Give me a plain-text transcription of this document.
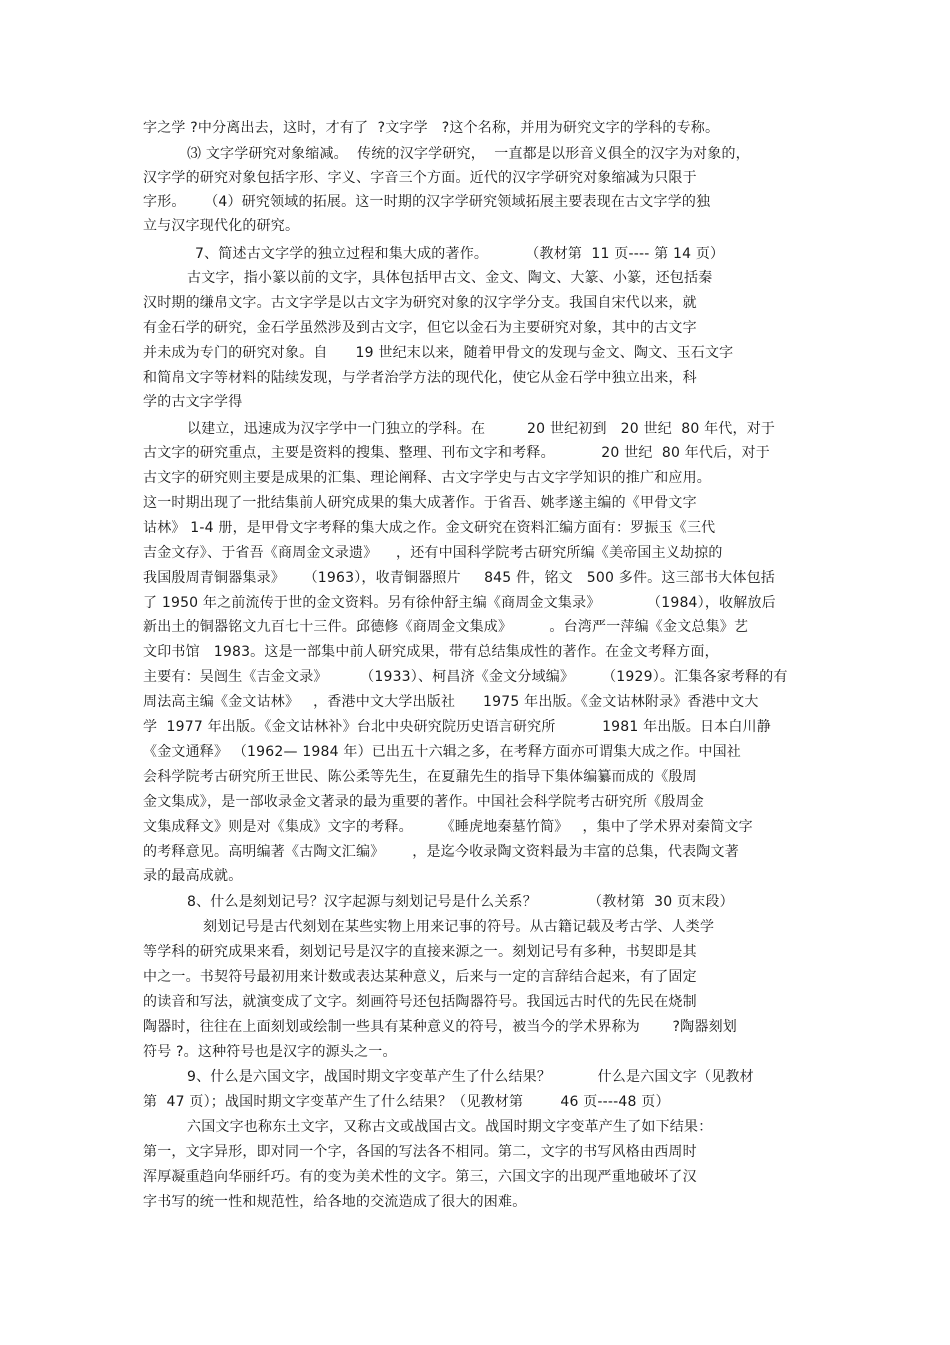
字之学 ?中分离出去，这时，才有了  ?文字学   ?这个名称，并用为研究文字的学科的专称。
⑶ 文字学研究对象缩减。  传统的汉字学研究，  一直都是以形音义俱全的汉字为对象的，
汉字学的研究对象包括字形、字义、字音三个方面。近代的汉字学研究对象缩减为只限于
字形。    （4）研究领域的拓展。这一时期的汉字学研究领域拓展主要表现在古文字学的独
立与汉字现代化的研究。
7、简述古文字学的独立过程和集大成的著作。        （教材第  11 页---- 第 14 页）
古文字，指小篆以前的文字，具体包括甲古文、金文、陶文、大篆、小篆，还包括秦
汉时期的缣帛文字。古文字学是以古文字为研究对象的汉字学分支。我国自宋代以来，就
有金石学的研究，金石学虽然涉及到古文字，但它以金石为主要研究对象，其中的古文字
并未成为专门的研究对象。自      19 世纪末以来，随着甲骨文的发现与金文、陶文、玉石文字
和简帛文字等材料的陆续发现，与学者治学方法的现代化，使它从金石学中独立出来，科
学的古文字学得
以建立，迅速成为汉字学中一门独立的学科。在         20 世纪初到   20 世纪  80 年代，对于
古文字的研究重点，主要是资料的搜集、整理、刊布文字和考释。          20 世纪  80 年代后，对于
古文字的研究则主要是成果的汇集、理论阐释、古文字学史与古文字学知识的推广和应用。
这一时期出现了一批结集前人研究成果的集大成著作。于省吾、姚孝遂主编的《甲骨文字
诂林》 1-4 册，是甲骨文字考释的集大成之作。金文研究在资料汇编方面有：罗振玉《三代
吉金文存》、于省吾《商周金文录遗》    ，还有中国科学院考古研究所编《美帝国主义劫掠的
我国殷周青铜器集录》    （1963），收青铜器照片     845 件，铭文   500 多件。这三部书大体包括
了 1950 年之前流传于世的金文资料。另有徐仲舒主编《商周金文集录》          （1984），收解放后
新出土的铜器铭文九百七十三件。邱德修《商周金文集成》        。台湾严一萍编《金文总集》艺
文印书馆   1983。这是一部集中前人研究成果，带有总结集成性的著作。在金文考释方面，
主要有：吴闿生《吉金文录》       （1933）、柯昌济《金文分域编》      （1929）。汇集各家考释的有
周法高主编《金文诂林》   ，香港中文大学出版社      1975 年出版。《金文诂林附录》香港中文大
学  1977 年出版。《金文诂林补》台北中央研究院历史语言研究所          1981 年出版。日本白川静
《金文通释》 （1962— 1984 年）已出五十六辑之多，在考释方面亦可谓集大成之作。中国社
会科学院考古研究所王世民、陈公柔等先生，在夏鼐先生的指导下集体编纂而成的《殷周
金文集成》，是一部收录金文著录的最为重要的著作。中国社会科学院考古研究所《殷周金
文集成释文》则是对《集成》文字的考释。      《睡虎地秦墓竹简》   ，集中了学术界对秦简文字
的考释意见。高明编著《古陶文汇编》      ，是迄今收录陶文资料最为丰富的总集，代表陶文著
录的最高成就。
8、什么是刻划记号？汉字起源与刻划记号是什么关系？           （教材第  30 页末段）
刻划记号是古代刻划在某些实物上用来记事的符号。从古籍记载及考古学、人类学
等学科的研究成果来看，刻划记号是汉字的直接来源之一。刻划记号有多种，书契即是其
中之一。书契符号最初用来计数或表达某种意义，后来与一定的言辞结合起来，有了固定
的读音和写法，就演变成了文字。刻画符号还包括陶器符号。我国远古时代的先民在烧制
陶器时，往往在上面刻划或绘制一些具有某种意义的符号，被当今的学术界称为       ?陶器刻划
符号 ?。这种符号也是汉字的源头之一。
9、什么是六国文字，战国时期文字变革产生了什么结果？          什么是六国文字（见教材
第  47 页）；战国时期文字变革产生了什么结果？（见教材第        46 页----48 页）
六国文字也称东土文字，又称古文或战国古文。战国时期文字变革产生了如下结果：
第一，文字异形，即对同一个字，各国的写法各不相同。第二，文字的书写风格由西周时
浑厚凝重趋向华丽纤巧。有的变为美术性的文字。第三，六国文字的出现严重地破坏了汉
字书写的统一性和规范性，给各地的交流造成了很大的困难。
